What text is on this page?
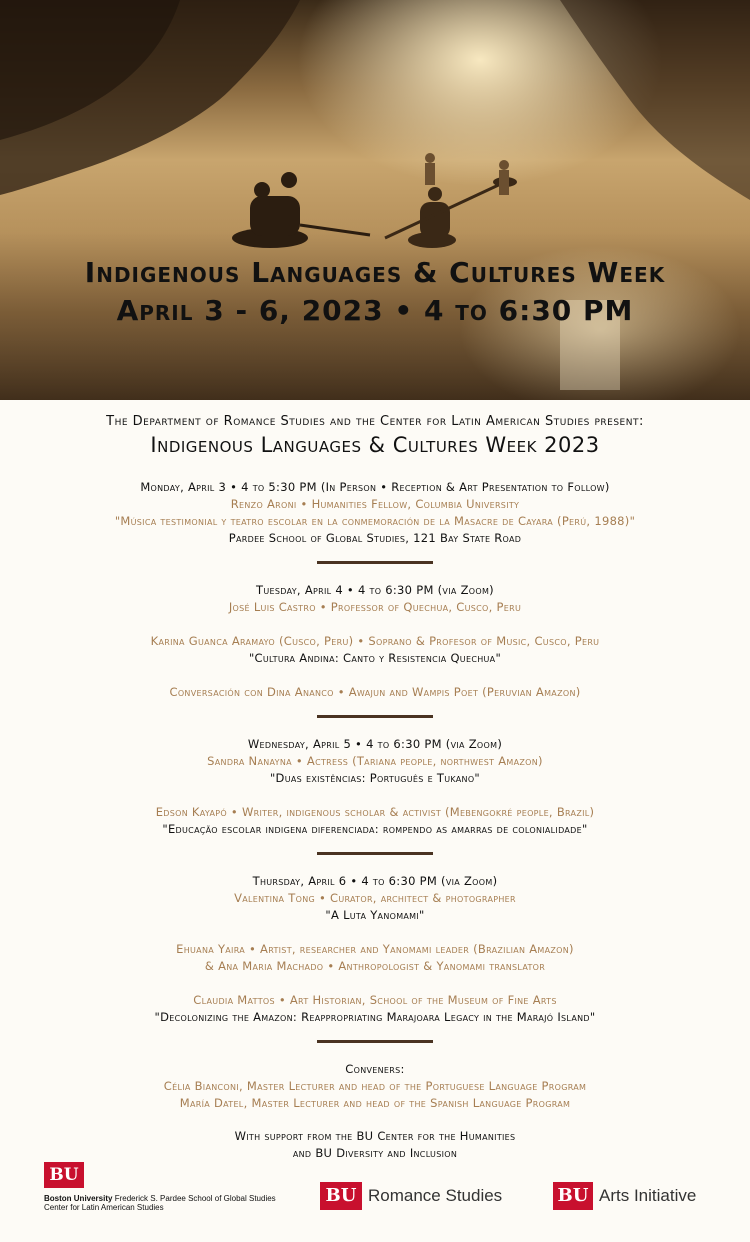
Indigenous Languages & Cultures Week
April 3 - 6, 2023 • 4 to 6:30 PM
The Department of Romance Studies and the Center for Latin American Studies present:
Indigenous Languages & Cultures Week 2023
Monday, April 3 • 4 to 5:30 PM (In Person • Reception & Art Presentation to Follow)
Renzo Aroni • Humanities Fellow, Columbia University
"Música testimonial y teatro escolar en la conmemoración de la Masacre de Cayara (Perú, 1988)"
Pardee School of Global Studies, 121 Bay State Road
Tuesday, April 4 • 4 to 6:30 PM (via Zoom)
José Luis Castro • Professor of Quechua, Cusco, Peru
Karina Guanca Aramayo (Cusco, Peru) • Soprano & Profesor of Music, Cusco, Peru
"Cultura Andina: Canto y Resistencia Quechua"
Conversación con Dina Ananco • Awajun and Wampis Poet (Peruvian Amazon)
Wednesday, April 5 • 4 to 6:30 PM (via Zoom)
Sandra Nanayna • Actress (Tariana people, northwest Amazon)
"Duas existências: Português e Tukano"
Edson Kayapó • Writer, indigenous scholar & activist (Mebengokré people, Brazil)
"Educação escolar indigena diferenciada: rompendo as amarras de colonialidade"
Thursday, April 6 • 4 to 6:30 PM (via Zoom)
Valentina Tong • Curator, architect & photographer
"A Luta Yanomami"
Ehuana Yaira • Artist, researcher and Yanomami leader (Brazilian Amazon)
& Ana Maria Machado • Anthropologist & Yanomami translator
Claudia Mattos • Art Historian, School of the Museum of Fine Arts
"Decolonizing the Amazon: Reappropriating Marajoara Legacy in the Marajó Island"
Conveners:
Célia Bianconi, Master Lecturer and head of the Portuguese Language Program
María Datel, Master Lecturer and head of the Spanish Language Program
With support from the BU Center for the Humanities
and BU Diversity and Inclusion
BU
Boston University Frederick S. Pardee School of Global Studies
Center for Latin American Studies
BU Romance Studies	BU Arts Initiative
